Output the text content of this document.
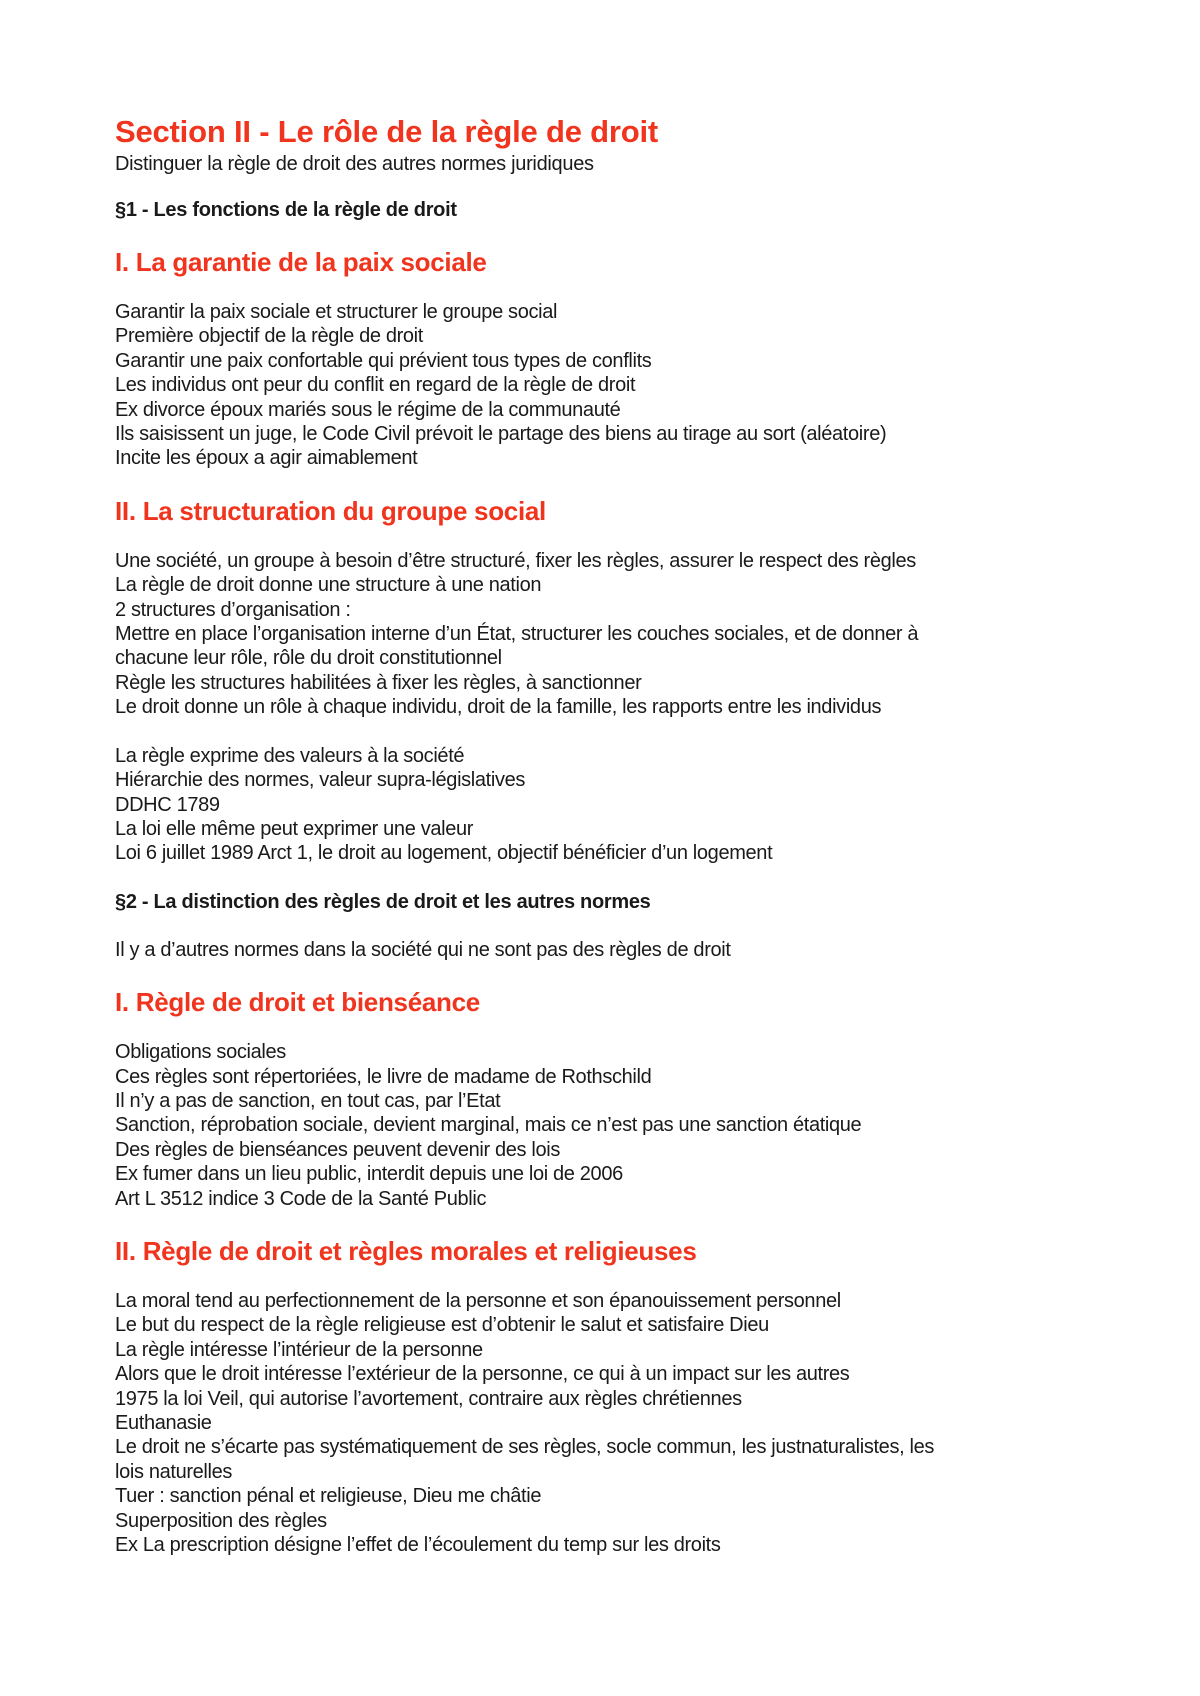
Section II - Le rôle de la règle de droit

Distinguer la règle de droit des autres normes juridiques

§1 - Les fonctions de la règle de droit

I. La garantie de la paix sociale

Garantir la paix sociale et structurer le groupe social

Première objectif de la règle de droit

Garantir une paix confortable qui prévient tous types de conflits

Les individus ont peur du conflit en regard de la règle de droit

Ex divorce époux mariés sous le régime de la communauté

Ils saisissent un juge, le Code Civil prévoit le partage des biens au tirage au sort (aléatoire)

Incite les époux a agir aimablement

II. La structuration du groupe social

Une société, un groupe à besoin d’être structuré, fixer les règles, assurer le respect des règles

La règle de droit donne une structure à une nation

2 structures d’organisation :

Mettre en place l’organisation interne d’un État, structurer les couches sociales, et de donner à

chacune leur rôle, rôle du droit constitutionnel

Règle les structures habilitées à fixer les règles, à sanctionner

Le droit donne un rôle à chaque individu, droit de la famille, les rapports entre les individus

La règle exprime des valeurs à la société

Hiérarchie des normes, valeur supra-législatives

DDHC 1789

La loi elle même peut exprimer une valeur

Loi 6 juillet 1989 Arct 1, le droit au logement, objectif bénéficier d’un logement

§2 - La distinction des règles de droit et les autres normes

Il y a d’autres normes dans la société qui ne sont pas des règles de droit

I. Règle de droit et bienséance

Obligations sociales

Ces règles sont répertoriées, le livre de madame de Rothschild

Il n’y a pas de sanction, en tout cas, par l’Etat

Sanction, réprobation sociale, devient marginal, mais ce n’est pas une sanction étatique

Des règles de bienséances peuvent devenir des lois

Ex fumer dans un lieu public, interdit depuis une loi de 2006

Art L 3512 indice 3 Code de la Santé Public

II. Règle de droit et règles morales et religieuses

La moral tend au perfectionnement de la personne et son épanouissement personnel

Le but du respect de la règle religieuse est d’obtenir le salut et satisfaire Dieu

La règle intéresse l’intérieur de la personne

Alors que le droit intéresse l’extérieur de la personne, ce qui à un impact sur les autres

1975 la loi Veil, qui autorise l’avortement, contraire aux règles chrétiennes

Euthanasie

Le droit ne s’écarte pas systématiquement de ses règles, socle commun, les justnaturalistes, les

lois naturelles

Tuer : sanction pénal et religieuse, Dieu me châtie

Superposition des règles

Ex La prescription désigne l’effet de l’écoulement du temp sur les droits
